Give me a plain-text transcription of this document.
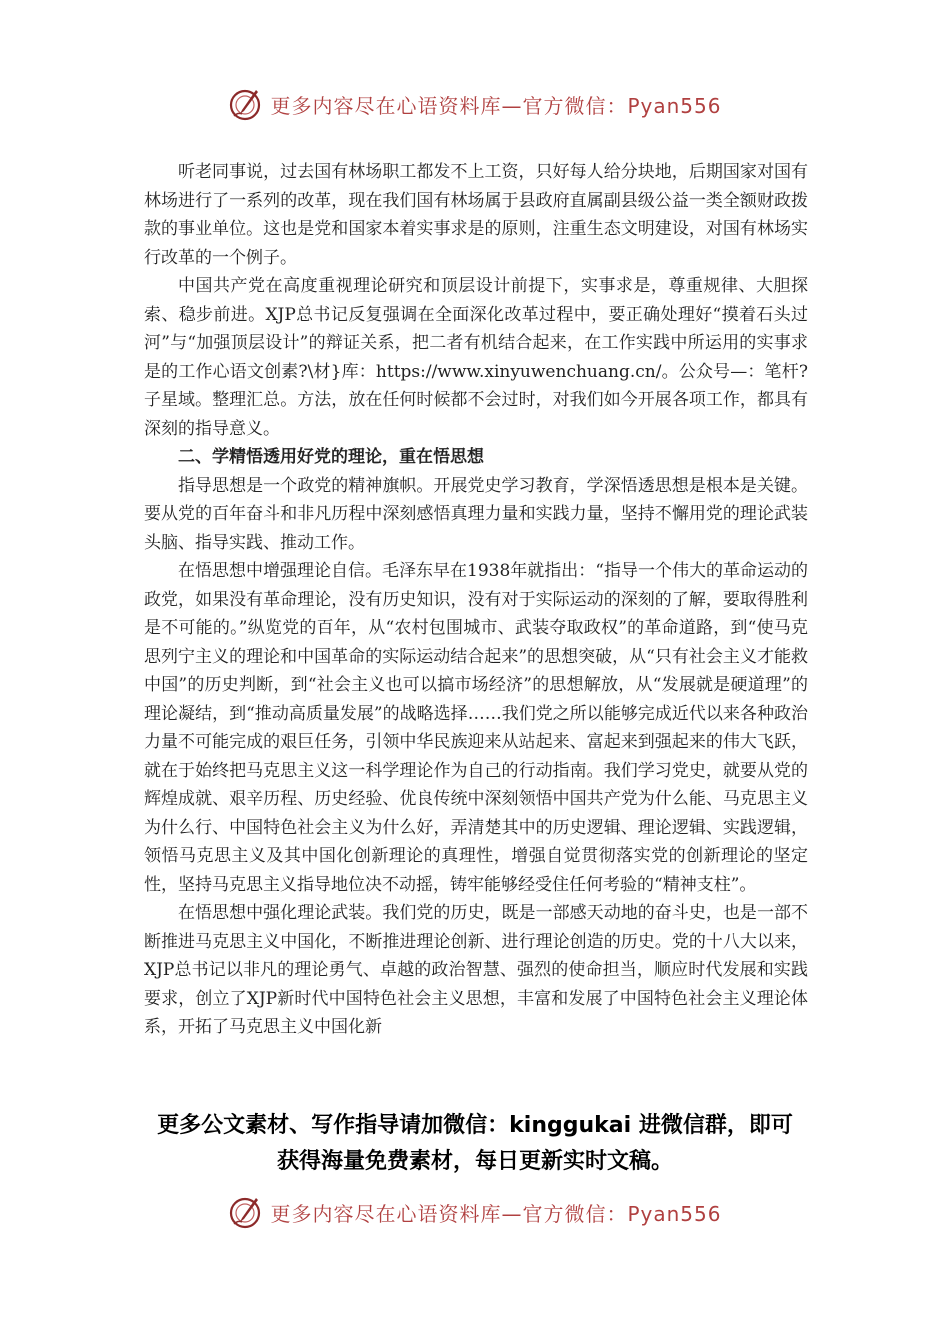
更多内容尽在心语资料库—官方微信：Pyan556

听老同事说，过去国有林场职工都发不上工资，只好每人给分块地，后期国家对国有林场进行了一系列的改革，现在我们国有林场属于县政府直属副县级公益一类全额财政拨款的事业单位。这也是党和国家本着实事求是的原则，注重生态文明建设，对国有林场实行改革的一个例子。

中国共产党在高度重视理论研究和顶层设计前提下，实事求是，尊重规律、大胆探索、稳步前进。XJP总书记反复强调在全面深化改革过程中，要正确处理好“摸着石头过河”与“加强顶层设计”的辩证关系，把二者有机结合起来，在工作实践中所运用的实事求是的工作心语文创素?\材}库：https://www.xinyuwenchuang.cn/。公众号—：笔杆?子星域。整理汇总。方法，放在任何时候都不会过时，对我们如今开展各项工作，都具有深刻的指导意义。

二、学精悟透用好党的理论，重在悟思想

指导思想是一个政党的精神旗帜。开展党史学习教育，学深悟透思想是根本是关键。要从党的百年奋斗和非凡历程中深刻感悟真理力量和实践力量，坚持不懈用党的理论武装头脑、指导实践、推动工作。

在悟思想中增强理论自信。毛泽东早在1938年就指出：“指导一个伟大的革命运动的政党，如果没有革命理论，没有历史知识，没有对于实际运动的深刻的了解，要取得胜利是不可能的。”纵览党的百年，从“农村包围城市、武装夺取政权”的革命道路，到“使马克思列宁主义的理论和中国革命的实际运动结合起来”的思想突破，从“只有社会主义才能救中国”的历史判断，到“社会主义也可以搞市场经济”的思想解放，从“发展就是硬道理”的理论凝结，到“推动高质量发展”的战略选择……我们党之所以能够完成近代以来各种政治力量不可能完成的艰巨任务，引领中华民族迎来从站起来、富起来到强起来的伟大飞跃，就在于始终把马克思主义这一科学理论作为自己的行动指南。我们学习党史，就要从党的辉煌成就、艰辛历程、历史经验、优良传统中深刻领悟中国共产党为什么能、马克思主义为什么行、中国特色社会主义为什么好，弄清楚其中的历史逻辑、理论逻辑、实践逻辑，领悟马克思主义及其中国化创新理论的真理性，增强自觉贯彻落实党的创新理论的坚定性，坚持马克思主义指导地位决不动摇，铸牢能够经受住任何考验的“精神支柱”。

在悟思想中强化理论武装。我们党的历史，既是一部感天动地的奋斗史，也是一部不断推进马克思主义中国化，不断推进理论创新、进行理论创造的历史。党的十八大以来，XJP总书记以非凡的理论勇气、卓越的政治智慧、强烈的使命担当，顺应时代发展和实践要求，创立了XJP新时代中国特色社会主义思想，丰富和发展了中国特色社会主义理论体系，开拓了马克思主义中国化新

更多公文素材、写作指导请加微信：kinggukai 进微信群，即可
获得海量免费素材，每日更新实时文稿。
更多内容尽在心语资料库—官方微信：Pyan556
